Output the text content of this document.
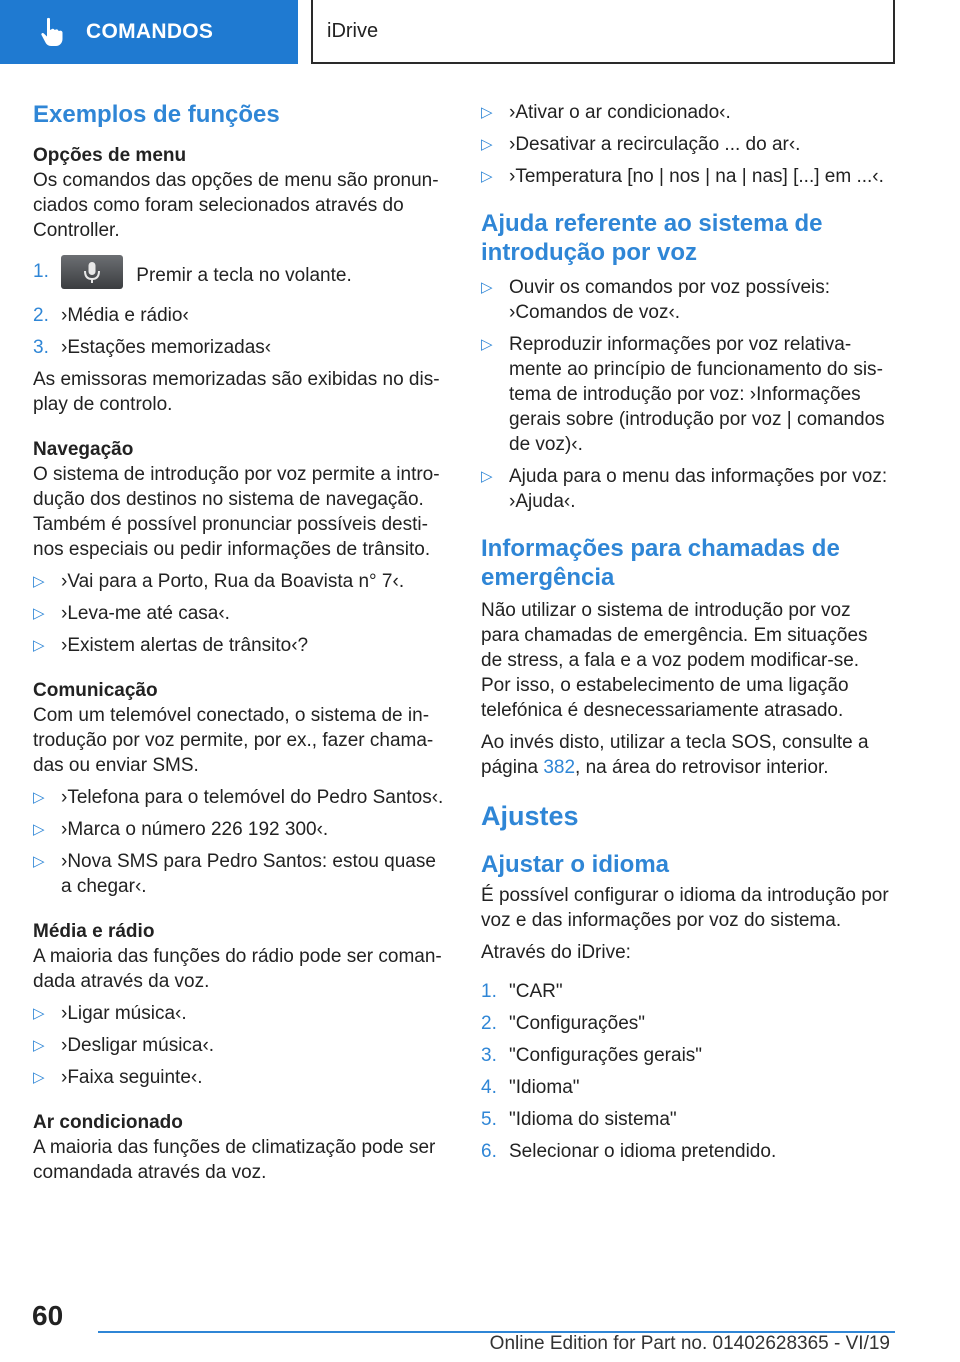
COMANDOS	iDrive
Exemplos de funções
Opções de menu

Os comandos das opções de menu são pronunciados como foram selecionados através do Controller.

1.	Premir a tecla no volante.
2. ›Média e rádio‹
3. ›Estações memorizadas‹

As emissoras memorizadas são exibidas no display de controlo.

Navegação

O sistema de introdução por voz permite a introdução dos destinos no sistema de navegação. Também é possível pronunciar possíveis destinos especiais ou pedir informações de trânsito.

▷ ›Vai para a Porto, Rua da Boavista n° 7‹.
▷ ›Leva-me até casa‹.
▷ ›Existem alertas de trânsito‹?
Comunicação

Com um telemóvel conectado, o sistema de introdução por voz permite, por ex., fazer chamadas ou enviar SMS.

▷ ›Telefona para o telemóvel do Pedro Santos‹.
▷ ›Marca o número 226 192 300‹.
▷ ›Nova SMS para Pedro Santos: estou quase a chegar‹.
Média e rádio

A maioria das funções do rádio pode ser comandada através da voz.

▷ ›Ligar música‹.
▷ ›Desligar música‹.
▷ ›Faixa seguinte‹.
Ar condicionado

A maioria das funções de climatização pode ser comandada através da voz.

▷ ›Ativar o ar condicionado‹.
▷ ›Desativar a recirculação ... do ar‹.
▷ ›Temperatura [no | nos | na | nas] [...] em ...‹.
Ajuda referente ao sistema de introdução por voz
▷ Ouvir os comandos por voz possíveis: ›Comandos de voz‹.
▷ Reproduzir informações por voz relativamente ao princípio de funcionamento do sistema de introdução por voz: ›Informações gerais sobre (introdução por voz | comandos de voz)‹.
▷ Ajuda para o menu das informações por voz: ›Ajuda‹.
Informações para chamadas de emergência

Não utilizar o sistema de introdução por voz para chamadas de emergência. Em situações de stress, a fala e a voz podem modificar-se. Por isso, o estabelecimento de uma ligação telefónica é desnecessariamente atrasado.

Ao invés disto, utilizar a tecla SOS, consulte a página 382, na área do retrovisor interior.

Ajustes
Ajustar o idioma

É possível configurar o idioma da introdução por voz e das informações por voz do sistema.

Através do iDrive:

1. "CAR"
2. "Configurações"
3. "Configurações gerais"
4. "Idioma"
5. "Idioma do sistema"
6. Selecionar o idioma pretendido.
60
Online Edition for Part no. 01402628365 - VI/19
